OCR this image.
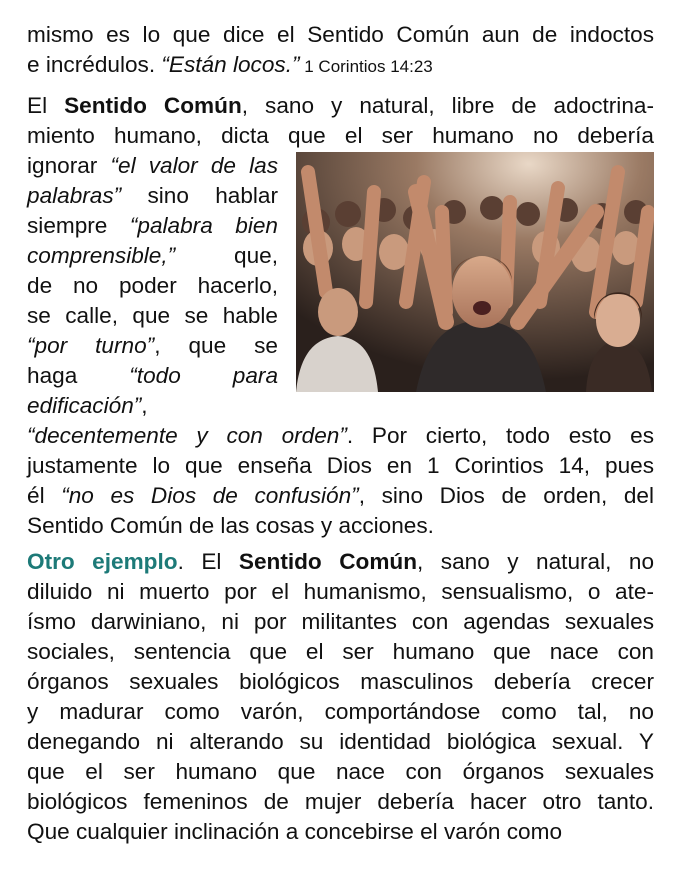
mismo es lo que dice el Sentido Común aun de indoctos
e incrédulos. “Están locos.” 1 Corintios 14:23
El Sentido Común, sano y natural, libre de adoctrina-
miento humano, dicta que el ser humano no debería
ignorar “el valor de las
palabras” sino hablar
siempre “palabra bien
comprensible,” que,
de no poder hacerlo,
se calle, que se hable
“por turno”, que se
haga “todo para
edificación”,
“decentemente y con orden”. Por cierto, todo esto es
justamente lo que enseña Dios en 1 Corintios 14, pues
él “no es Dios de confusión”, sino Dios de orden, del
Sentido Común de las cosas y acciones.
Otro ejemplo. El Sentido Común, sano y natural, no
diluido ni muerto por el humanismo, sensualismo, o ate-
ísmo darwiniano, ni por militantes con agendas sexuales
sociales, sentencia que el ser humano que nace con
órganos sexuales biológicos masculinos debería crecer
y madurar como varón, comportándose como tal, no
denegando ni alterando su identidad biológica sexual. Y
que el ser humano que nace con órganos sexuales
biológicos femeninos de mujer debería hacer otro tanto.
Que cualquier inclinación a concebirse el varón como
